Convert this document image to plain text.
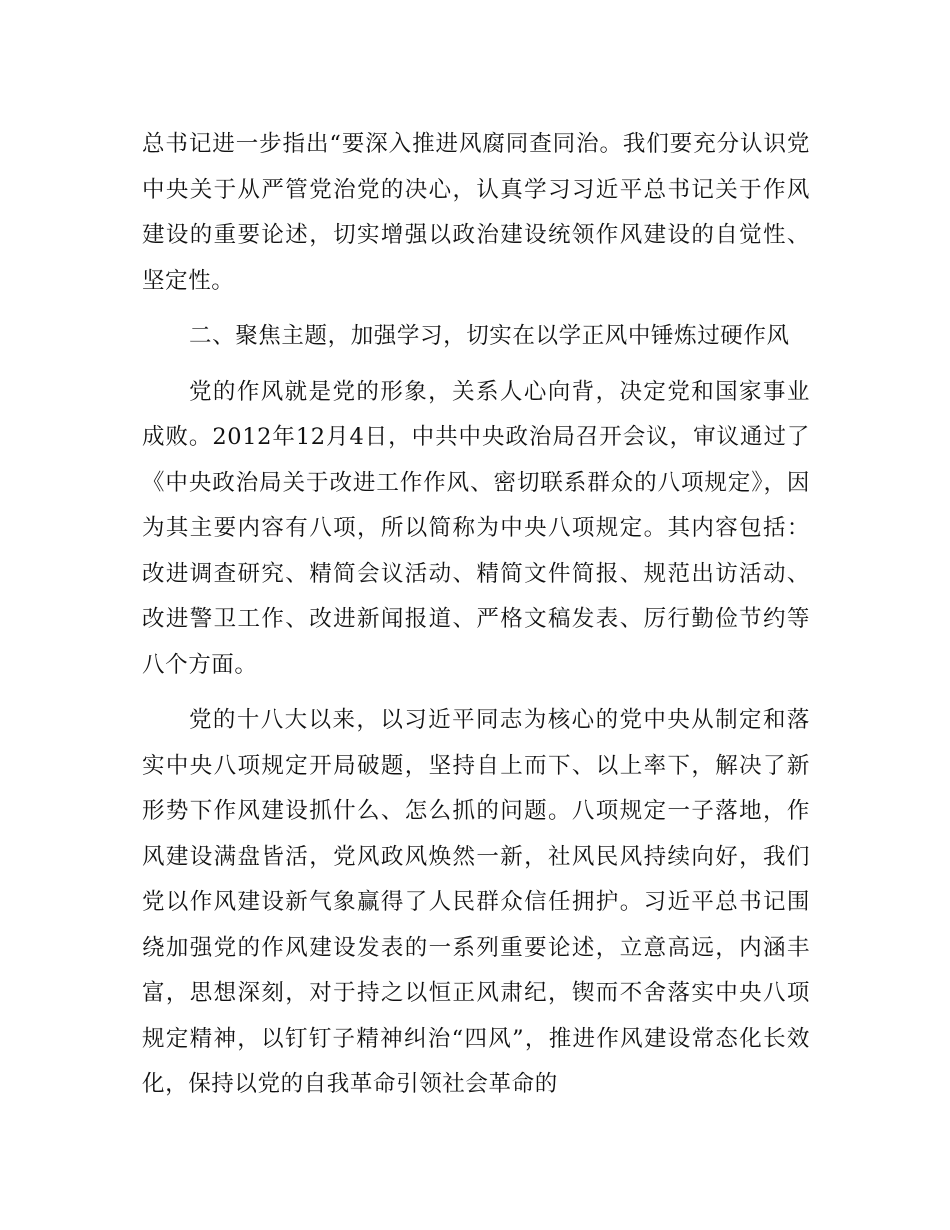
总书记进一步指出“要深入推进风腐同查同治。我们要充分认识党中央关于从严管党治党的决心，认真学习习近平总书记关于作风建设的重要论述，切实增强以政治建设统领作风建设的自觉性、坚定性。

二、聚焦主题，加强学习，切实在以学正风中锤炼过硬作风

党的作风就是党的形象，关系人心向背，决定党和国家事业成败。2012年12月4日，中共中央政治局召开会议，审议通过了《中央政治局关于改进工作作风、密切联系群众的八项规定》，因为其主要内容有八项，所以简称为中央八项规定。其内容包括：改进调查研究、精简会议活动、精简文件简报、规范出访活动、改进警卫工作、改进新闻报道、严格文稿发表、厉行勤俭节约等八个方面。

党的十八大以来，以习近平同志为核心的党中央从制定和落实中央八项规定开局破题，坚持自上而下、以上率下，解决了新形势下作风建设抓什么、怎么抓的问题。八项规定一子落地，作风建设满盘皆活，党风政风焕然一新，社风民风持续向好，我们党以作风建设新气象赢得了人民群众信任拥护。习近平总书记围绕加强党的作风建设发表的一系列重要论述，立意高远，内涵丰富，思想深刻，对于持之以恒正风肃纪，锲而不舍落实中央八项规定精神，以钉钉子精神纠治“四风”，推进作风建设常态化长效化，保持以党的自我革命引领社会革命的
